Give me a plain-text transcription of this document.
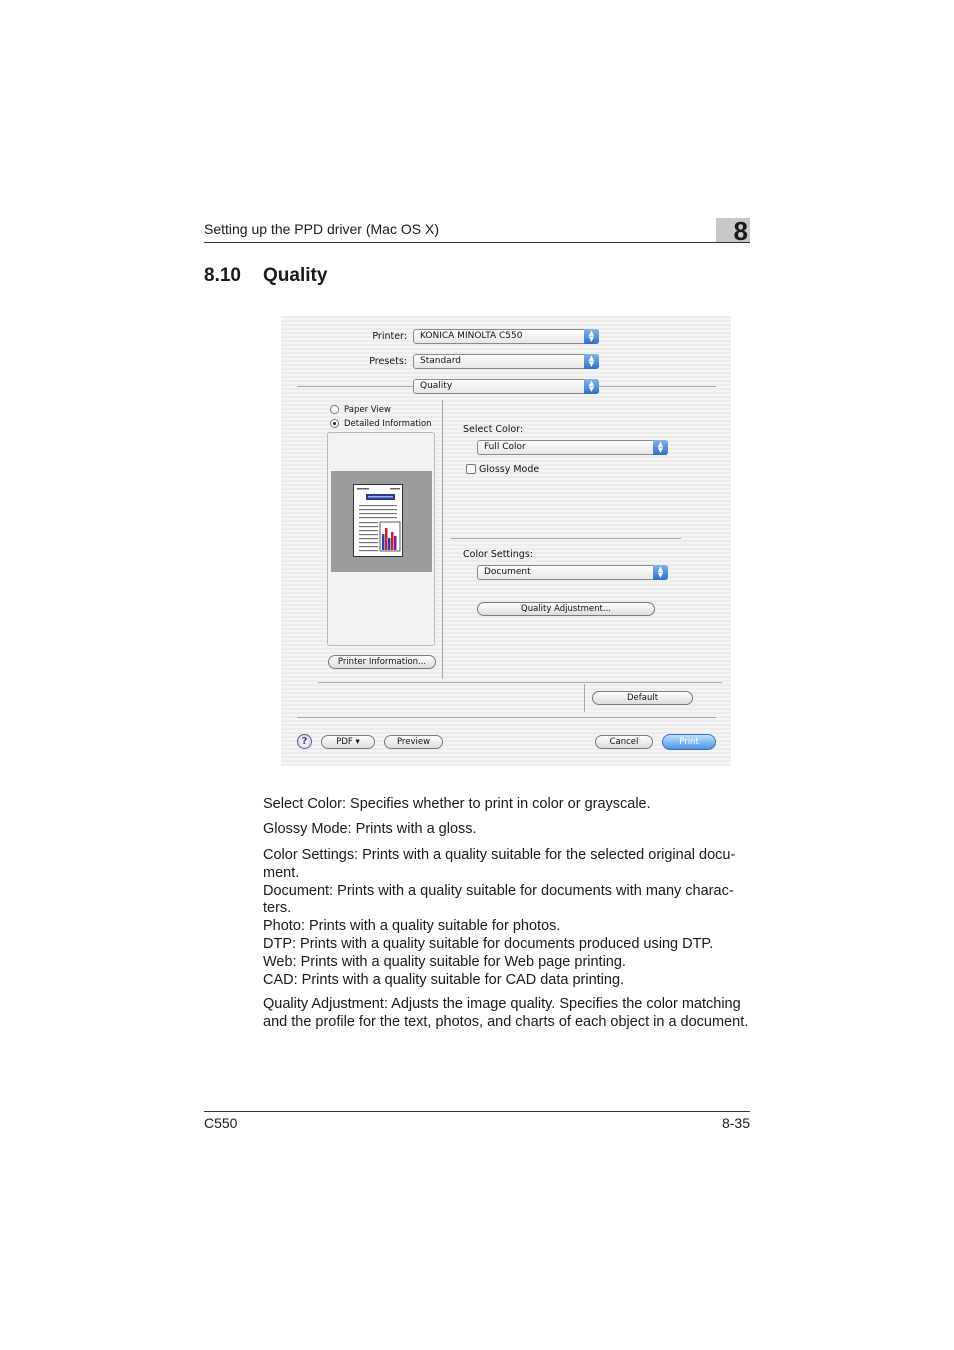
Setting up the PPD driver (Mac OS X)	8
8.10 Quality
Printer:	KONICA MINOLTA C550	▲
▼
Presets:	Standard	▲
▼
Quality	▲
▼
Paper View
Detailed Information
Printer Information...
Select Color:
Full Color	▲
▼
Glossy Mode
Color Settings:
Document	▲
▼
Quality Adjustment...
Default
?	PDF ▾	Preview	Cancel	Print

Select Color: Specifies whether to print in color or grayscale.

Glossy Mode: Prints with a gloss.

Color Settings: Prints with a quality suitable for the selected original docu-

ment.

Document: Prints with a quality suitable for documents with many charac-

ters.

Photo: Prints with a quality suitable for photos.

DTP: Prints with a quality suitable for documents produced using DTP.

Web: Prints with a quality suitable for Web page printing.

CAD: Prints with a quality suitable for CAD data printing.

Quality Adjustment: Adjusts the image quality. Specifies the color matching

and the profile for the text, photos, and charts of each object in a document.

C550	8-35
